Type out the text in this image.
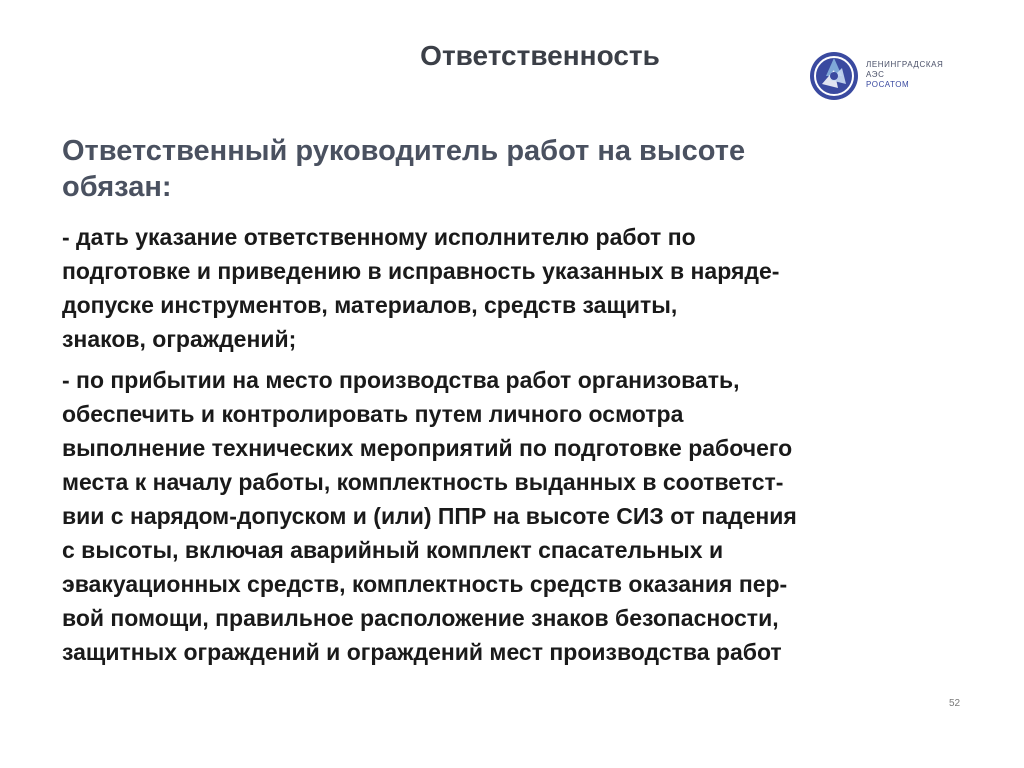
Ответственность	ЛЕНИНГРАДСКАЯ
АЭС
РОСАТОМ

Ответственный руководитель работ на высоте
обязан:

- дать указание ответственному исполнителю работ по
подготовке и приведению в исправность указанных в наряде-
допуске инструментов, материалов, средств защиты,
знаков, ограждений;

- по прибытии на место производства работ организовать,
обеспечить и контролировать путем личного осмотра
выполнение технических мероприятий по подготовке рабочего
места к началу работы, комплектность выданных в соответст-
вии с нарядом-допуском и (или) ППР на высоте СИЗ от падения
с высоты, включая аварийный комплект спасательных и
эвакуационных средств, комплектность средств оказания пер-
вой помощи, правильное расположение знаков безопасности,
защитных ограждений и ограждений мест производства работ

52
